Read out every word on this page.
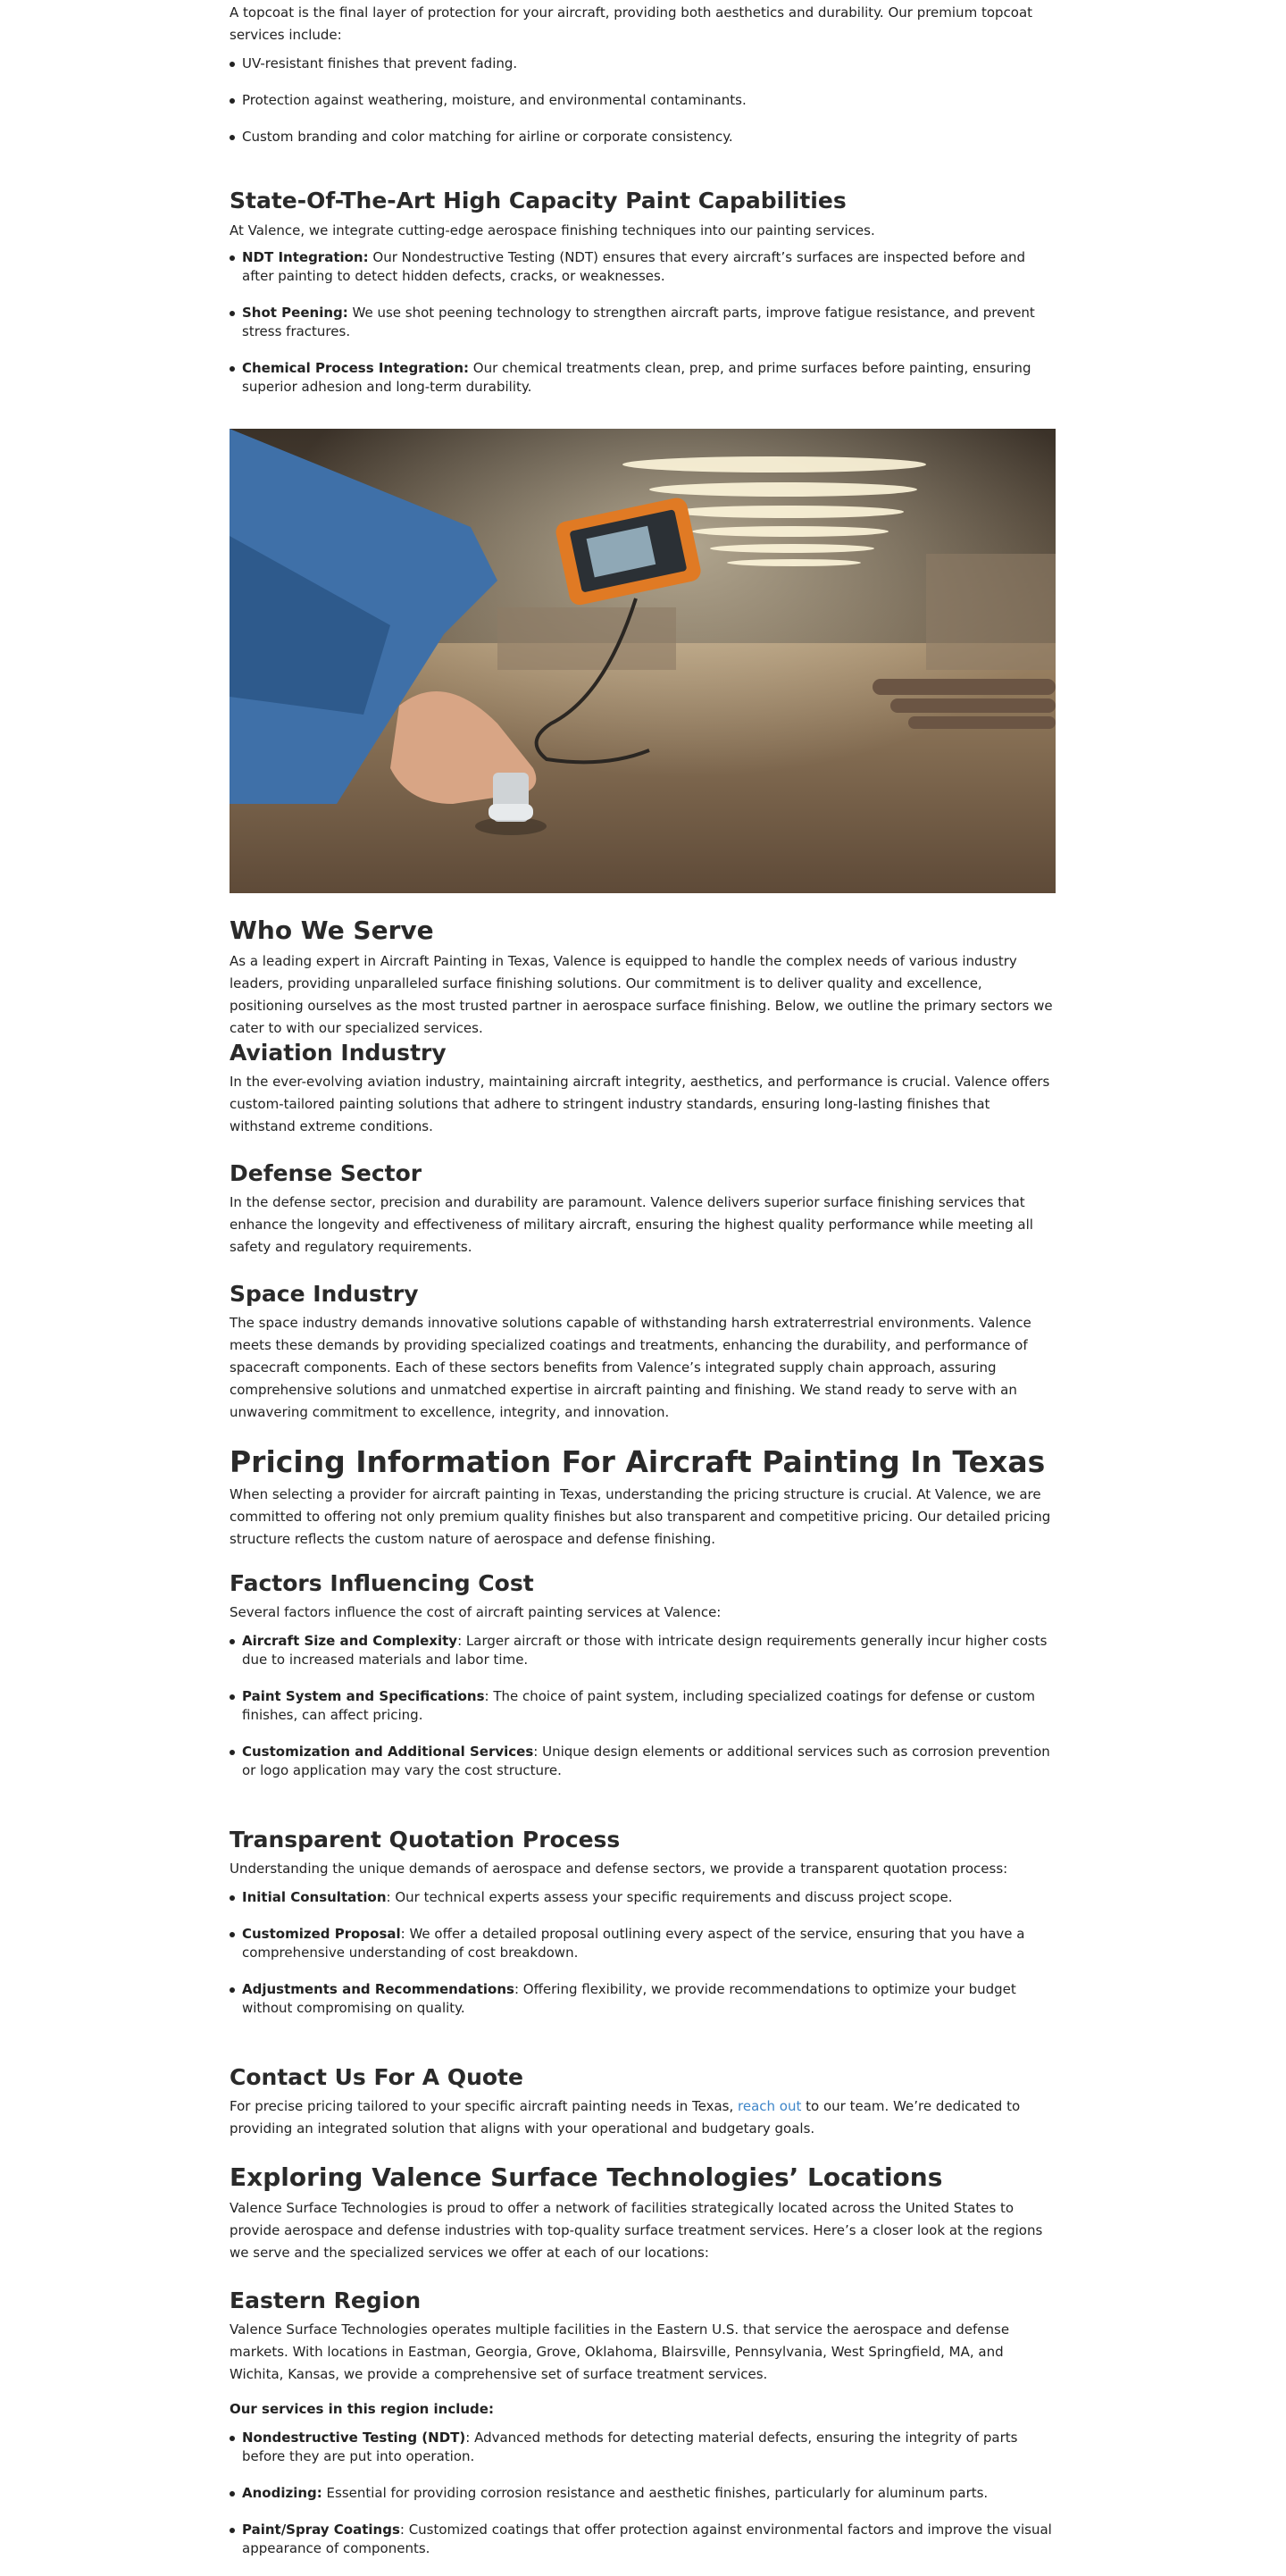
A topcoat is the final layer of protection for your aircraft, providing both aesthetics and durability. Our premium topcoat services include:

UV-resistant finishes that prevent fading.
Protection against weathering, moisture, and environmental contaminants.
Custom branding and color matching for airline or corporate consistency.
State-Of-The-Art High Capacity Paint Capabilities

At Valence, we integrate cutting-edge aerospace finishing techniques into our painting services.

NDT Integration: Our Nondestructive Testing (NDT) ensures that every aircraft’s surfaces are inspected before and after painting to detect hidden defects, cracks, or weaknesses.
Shot Peening: We use shot peening technology to strengthen aircraft parts, improve fatigue resistance, and prevent stress fractures.
Chemical Process Integration: Our chemical treatments clean, prep, and prime surfaces before painting, ensuring superior adhesion and long-term durability.
Who We Serve

As a leading expert in Aircraft Painting in Texas, Valence is equipped to handle the complex needs of various industry leaders, providing unparalleled surface finishing solutions. Our commitment is to deliver quality and excellence, positioning ourselves as the most trusted partner in aerospace surface finishing. Below, we outline the primary sectors we cater to with our specialized services.

Aviation Industry

In the ever-evolving aviation industry, maintaining aircraft integrity, aesthetics, and performance is crucial. Valence offers custom-tailored painting solutions that adhere to stringent industry standards, ensuring long-lasting finishes that withstand extreme conditions.

Defense Sector

In the defense sector, precision and durability are paramount. Valence delivers superior surface finishing services that enhance the longevity and effectiveness of military aircraft, ensuring the highest quality performance while meeting all safety and regulatory requirements.

Space Industry

The space industry demands innovative solutions capable of withstanding harsh extraterrestrial environments. Valence meets these demands by providing specialized coatings and treatments, enhancing the durability, and performance of spacecraft components. Each of these sectors benefits from Valence’s integrated supply chain approach, assuring comprehensive solutions and unmatched expertise in aircraft painting and finishing. We stand ready to serve with an unwavering commitment to excellence, integrity, and innovation.

Pricing Information For Aircraft Painting In Texas

When selecting a provider for aircraft painting in Texas, understanding the pricing structure is crucial. At Valence, we are committed to offering not only premium quality finishes but also transparent and competitive pricing. Our detailed pricing structure reflects the custom nature of aerospace and defense finishing.

Factors Influencing Cost

Several factors influence the cost of aircraft painting services at Valence:

Aircraft Size and Complexity: Larger aircraft or those with intricate design requirements generally incur higher costs due to increased materials and labor time.
Paint System and Specifications: The choice of paint system, including specialized coatings for defense or custom finishes, can affect pricing.
Customization and Additional Services: Unique design elements or additional services such as corrosion prevention or logo application may vary the cost structure.
Transparent Quotation Process

Understanding the unique demands of aerospace and defense sectors, we provide a transparent quotation process:

Initial Consultation: Our technical experts assess your specific requirements and discuss project scope.
Customized Proposal: We offer a detailed proposal outlining every aspect of the service, ensuring that you have a comprehensive understanding of cost breakdown.
Adjustments and Recommendations: Offering flexibility, we provide recommendations to optimize your budget without compromising on quality.
Contact Us For A Quote

For precise pricing tailored to your specific aircraft painting needs in Texas, reach out to our team. We’re dedicated to providing an integrated solution that aligns with your operational and budgetary goals.

Exploring Valence Surface Technologies’ Locations

Valence Surface Technologies is proud to offer a network of facilities strategically located across the United States to provide aerospace and defense industries with top-quality surface treatment services. Here’s a closer look at the regions we serve and the specialized services we offer at each of our locations:

Eastern Region

Valence Surface Technologies operates multiple facilities in the Eastern U.S. that service the aerospace and defense markets. With locations in Eastman, Georgia, Grove, Oklahoma, Blairsville, Pennsylvania, West Springfield, MA, and Wichita, Kansas, we provide a comprehensive set of surface treatment services.

Our services in this region include:

Nondestructive Testing (NDT): Advanced methods for detecting material defects, ensuring the integrity of parts before they are put into operation.
Anodizing: Essential for providing corrosion resistance and aesthetic finishes, particularly for aluminum parts.
Paint/Spray Coatings: Customized coatings that offer protection against environmental factors and improve the visual appearance of components.
